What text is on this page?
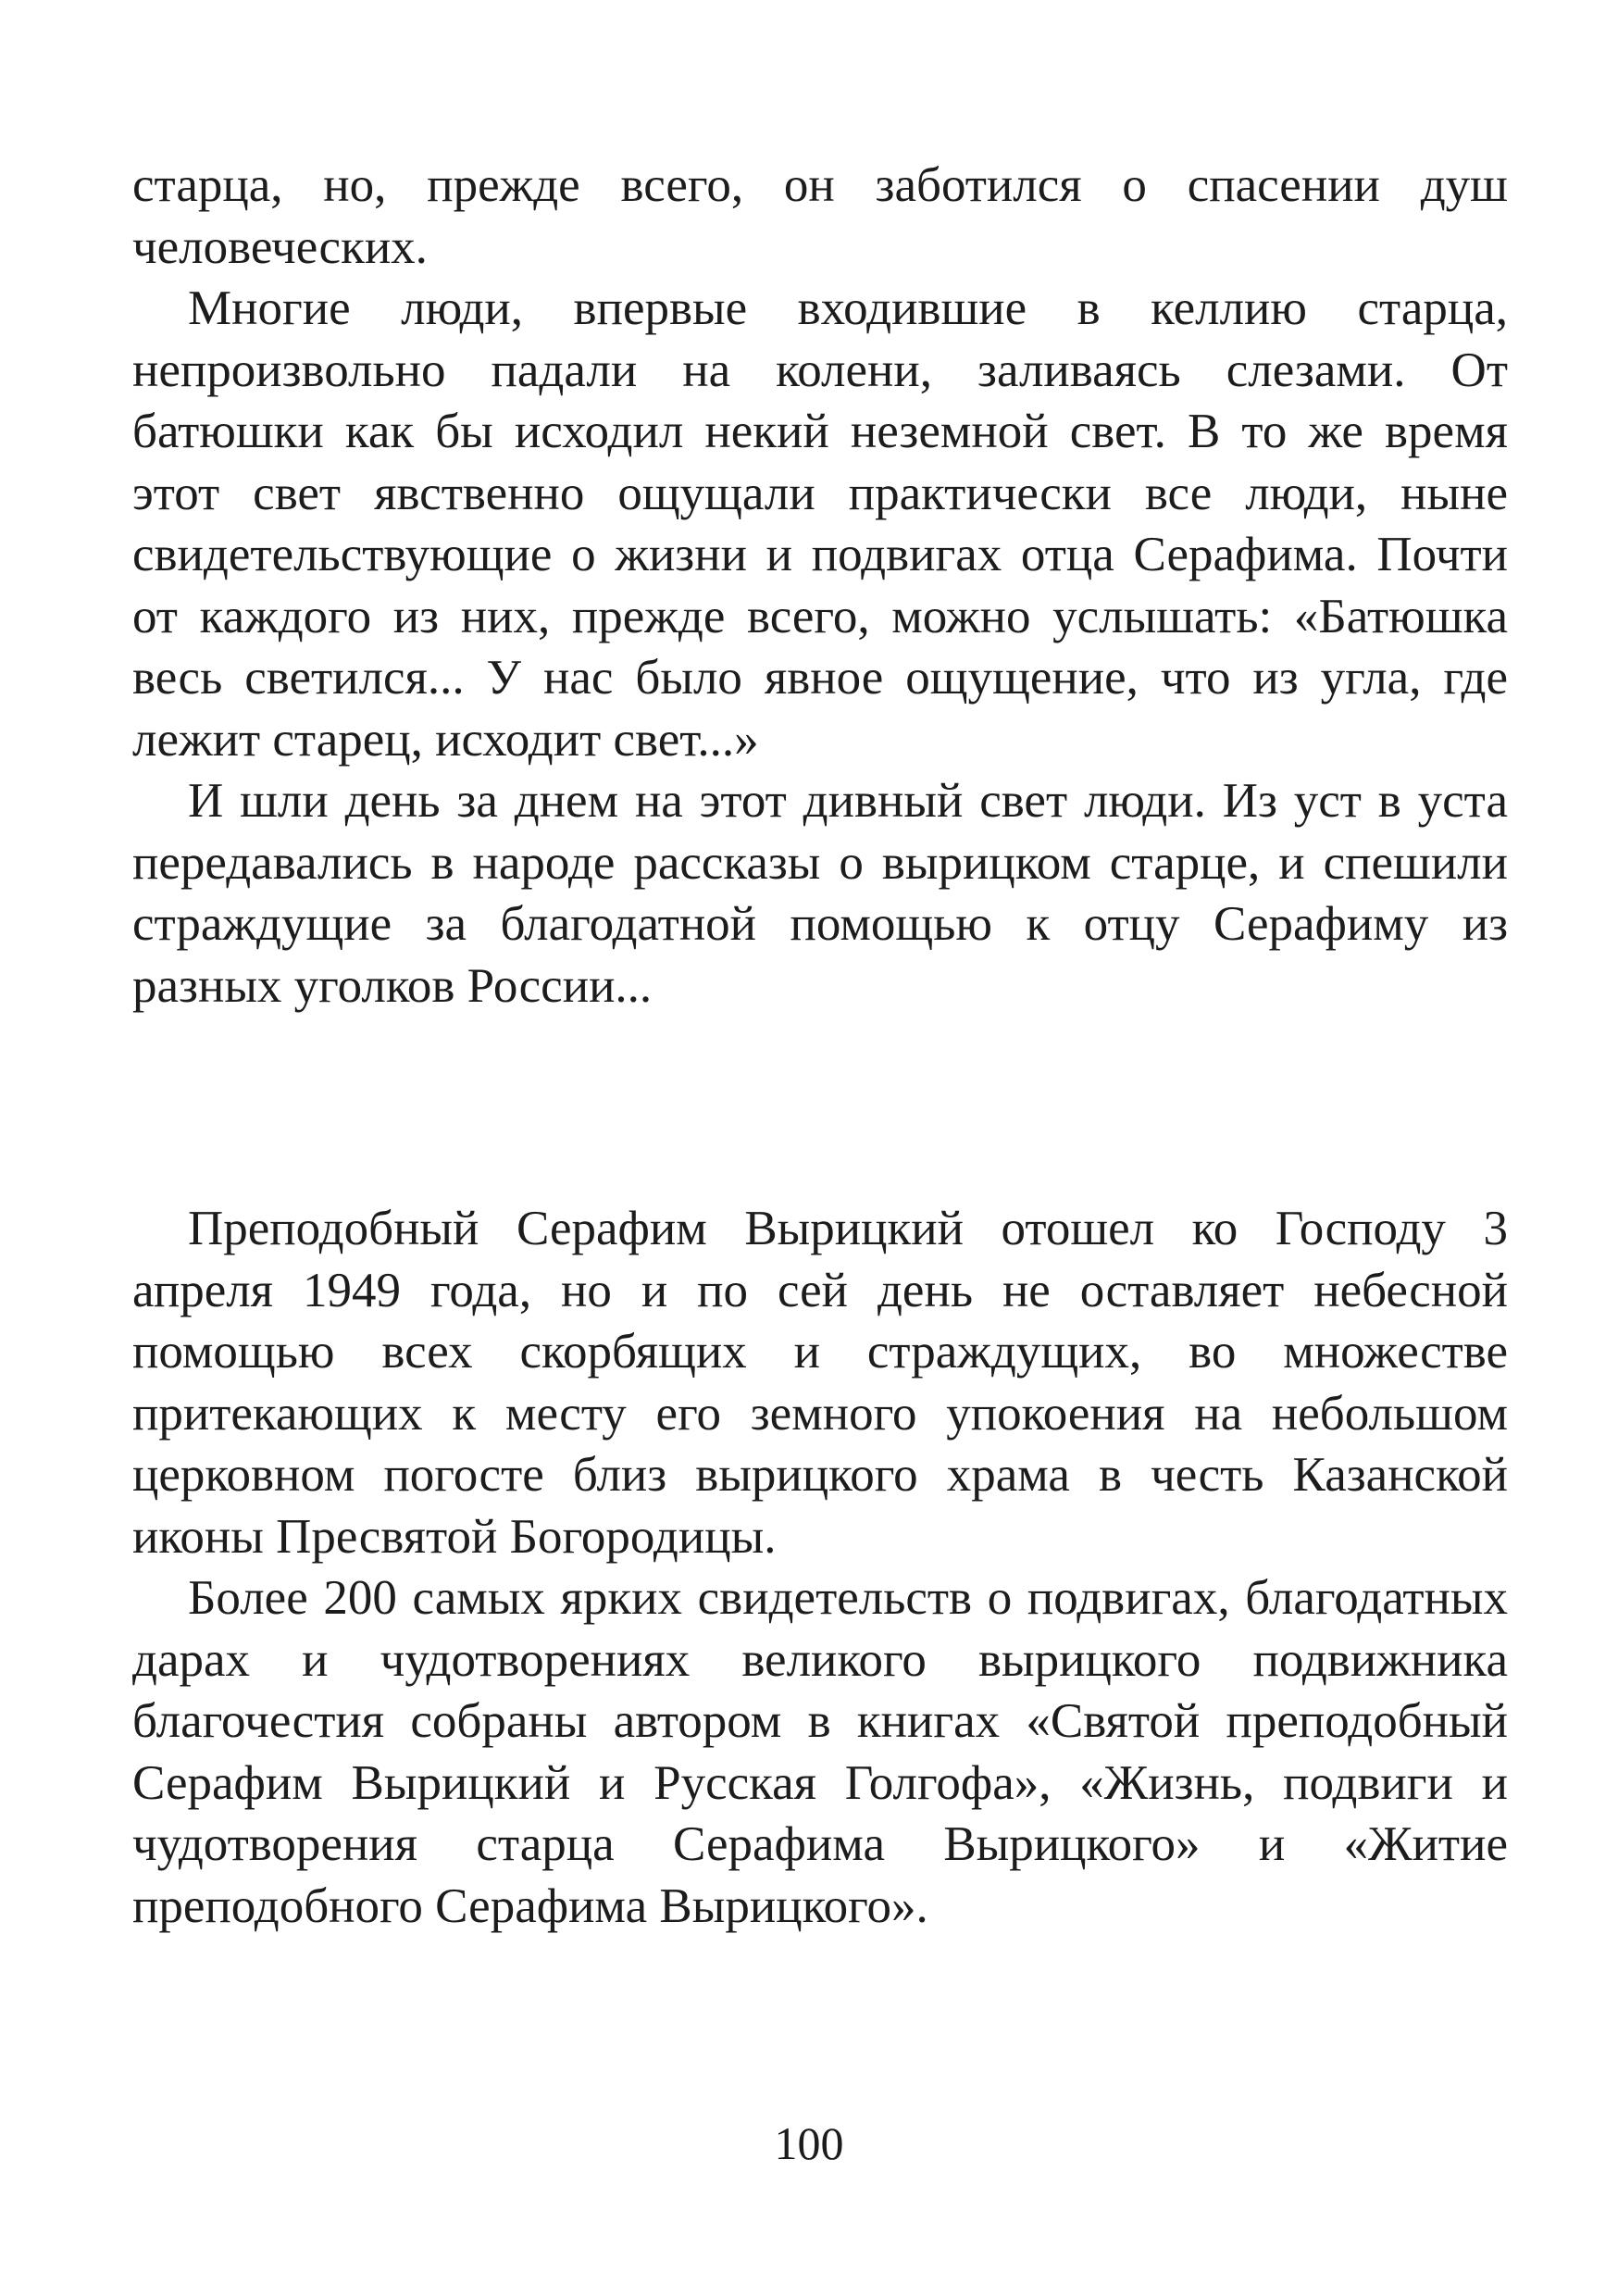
старца, но, прежде всего, он заботился о спасении душ человеческих.

Многие люди, впервые входившие в келлию старца, непроизвольно падали на колени, заливаясь слезами. От батюшки как бы исходил некий неземной свет. В то же время этот свет явственно ощущали практически все люди, ныне свидетельствующие о жизни и подвигах отца Серафима. Почти от каждого из них, прежде всего, можно услышать: «Батюшка весь светился... У нас было явное ощущение, что из угла, где лежит старец, исходит свет...»

И шли день за днем на этот дивный свет люди. Из уст в уста передавались в народе рассказы о вырицком старце, и спешили страждущие за благодатной помощью к отцу Серафиму из разных уголков России...

Преподобный Серафим Вырицкий отошел ко Господу 3 апреля 1949 года, но и по сей день не оставляет небесной помощью всех скорбящих и страждущих, во множестве притекающих к месту его земного упокоения на небольшом церковном погосте близ вырицкого храма в честь Казанской иконы Пресвятой Богородицы.

Более 200 самых ярких свидетельств о подвигах, благодатных дарах и чудотворениях великого вырицкого подвижника благочестия собраны автором в книгах «Святой преподобный Серафим Вырицкий и Русская Голгофа», «Жизнь, подвиги и чудотворения старца Серафима Вырицкого» и «Житие преподобного Серафима Вырицкого».

100
